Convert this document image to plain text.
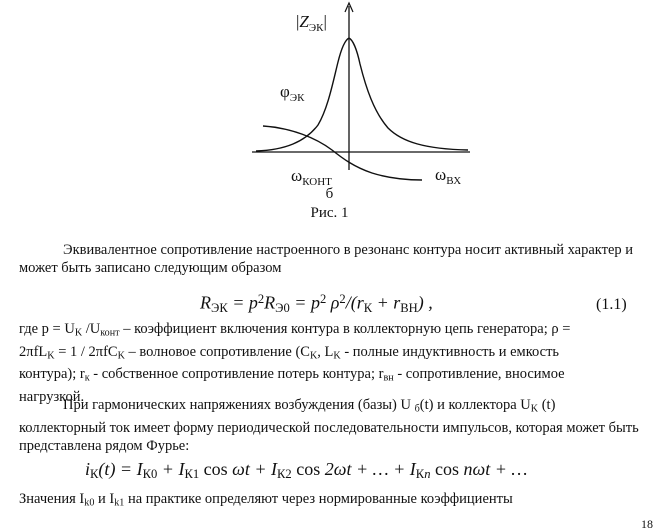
$|Z_{ЭК}|$
$\varphi_{ЭК}$
$\omega_{КОНТ}$	$\omega_{ВХ}$
б
Рис. 1

Эквивалентное сопротивление настроенного в резонанс контура носит активный характер и может быть записано следующим образом

$R_{ЭК} = p^2R_{Э0} = p^2$ $\rho^2/(r_К + r_{ВН})$ ,	(1.1)
где $p = U_K$ $/U_{конт}$ – коэффициент включения контура в коллекторную цепь генератора; ρ =
2πfL$_K$ = 1 / 2πfC$_K$ – волновое сопротивление ($C_K$, $L_K$ - полные индуктивность и емкость
контура); $r_к$ - собственное сопротивление потерь контура; $r_{вн}$ - сопротивление, вносимое
нагрузкой.
При гармонических напряжениях возбуждения (базы) U $_б$(t) и коллектора $U_K$ (t) коллекторный ток имеет форму периодической последовательности импульсов, которая может быть представлена рядом Фурье:
$i_К(t) = I_{К0} + I_{К1}$ $\cos \omega t + I_{К2}$ cos 2ωt + … + $I_{Кn}$ cos nωt + …
Значения $I_{k0}$ и $I_{k1}$ на практике определяют через нормированные коэффициенты
18
